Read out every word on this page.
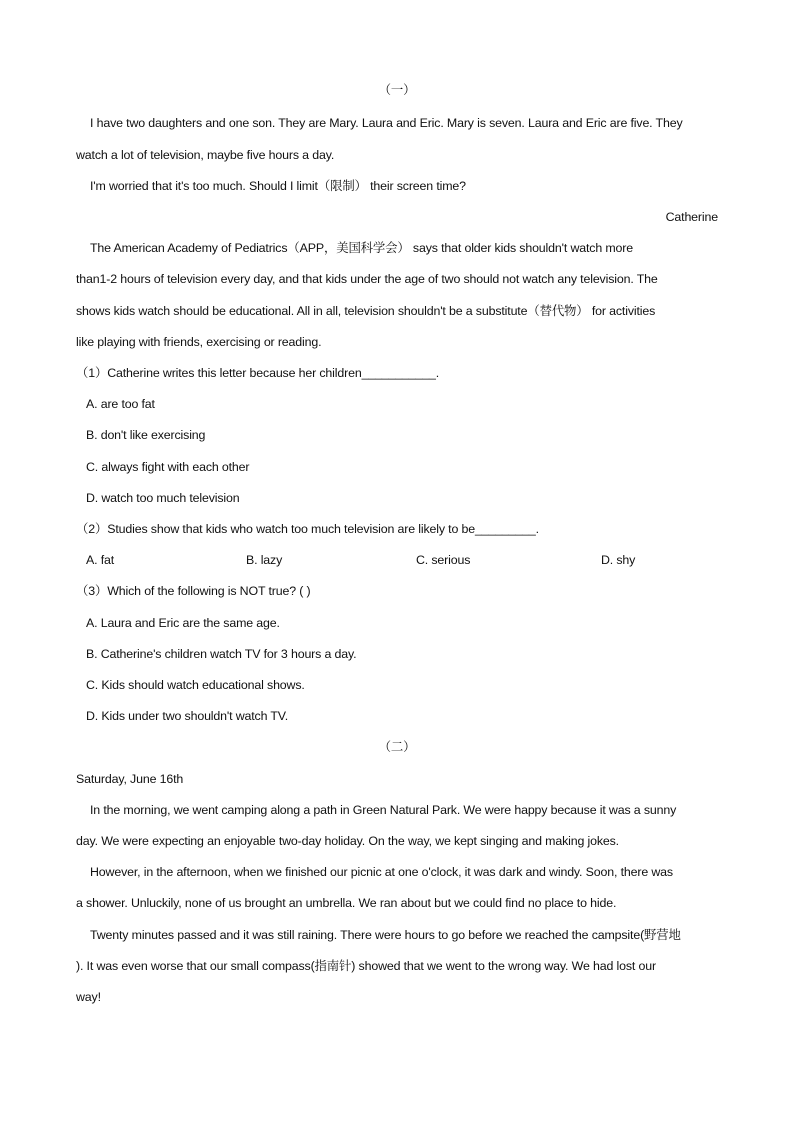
（一）
I have two daughters and one son. They are Mary. Laura and Eric. Mary is seven. Laura and Eric are five. They
watch a lot of television, maybe five hours a day.
I'm worried that it's too much. Should I limit（限制） their screen time?
Catherine
The American Academy of Pediatrics（APP，美国科学会） says that older kids shouldn't watch more
than1-2 hours of television every day, and that kids under the age of two should not watch any television. The
shows kids watch should be educational. All in all, television shouldn't be a substitute（替代物） for activities
like playing with friends, exercising or reading.
（1）Catherine writes this letter because her children___________.
A. are too fat
B. don't like exercising
C. always fight with each other
D. watch too much television
（2）Studies show that kids who watch too much television are likely to be_________.
A. fat	B. lazy	C. serious	D. shy
（3）Which of the following is NOT true? ( )
A. Laura and Eric are the same age.
B. Catherine's children watch TV for 3 hours a day.
C. Kids should watch educational shows.
D. Kids under two shouldn't watch TV.
（二）
Saturday, June 16th
In the morning, we went camping along a path in Green Natural Park. We were happy because it was a sunny
day. We were expecting an enjoyable two-day holiday. On the way, we kept singing and making jokes.
However, in the afternoon, when we finished our picnic at one o'clock, it was dark and windy. Soon, there was
a shower. Unluckily, none of us brought an umbrella. We ran about but we could find no place to hide.
Twenty minutes passed and it was still raining. There were hours to go before we reached the campsite(野营地
). It was even worse that our small compass(指南针) showed that we went to the wrong way. We had lost our
way!
